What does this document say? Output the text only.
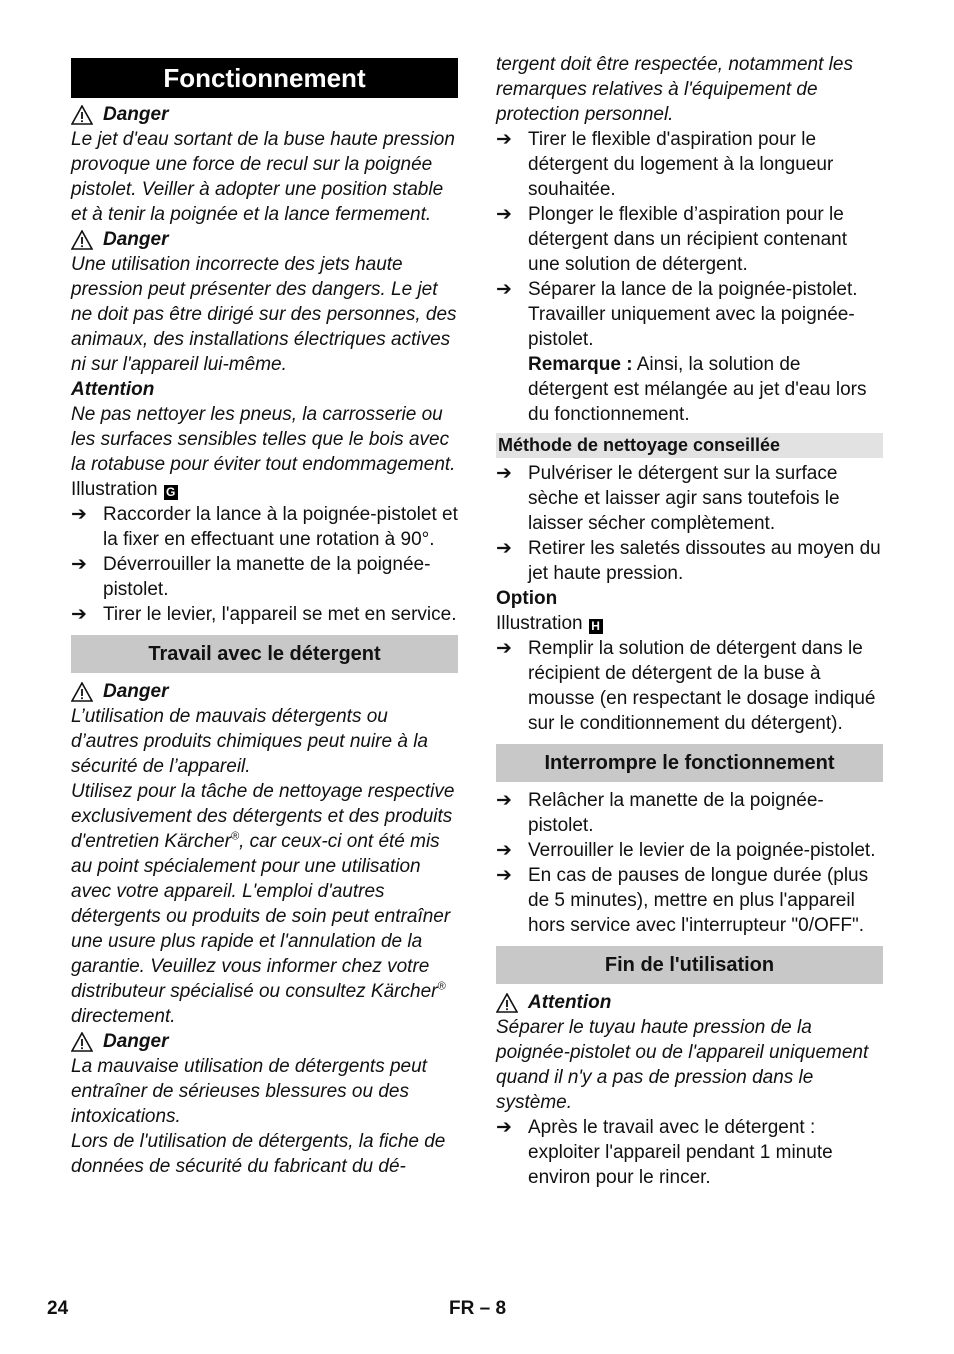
Fonctionnement
Danger
Le jet d'eau sortant de la buse haute pression provoque une force de recul sur la poignée pistolet. Veiller à adopter une position stable et à tenir la poignée et la lance fermement.
Danger
Une utilisation incorrecte des jets haute pression peut présenter des dangers. Le jet ne doit pas être dirigé sur des personnes, des animaux, des installations électriques actives ni sur l'appareil lui-même.
Attention
Ne pas nettoyer les pneus, la carrosserie ou les surfaces sensibles telles que le bois avec la rotabuse pour éviter tout endommagement.
Illustration G
➔ Raccorder la lance à la poignée-pistolet et la fixer en effectuant une rotation à 90°.
➔ Déverrouiller la manette de la poignée-pistolet.
➔ Tirer le levier, l'appareil se met en service.
Travail avec le détergent
Danger
L’utilisation de mauvais détergents ou d’autres produits chimiques peut nuire à la sécurité de l’appareil.
Utilisez pour la tâche de nettoyage respective exclusivement des détergents et des produits d'entretien Kärcher®, car ceux-ci ont été mis au point spécialement pour une utilisation avec votre appareil. L'emploi d'autres détergents ou produits de soin peut entraîner une usure plus rapide et l'annulation de la garantie. Veuillez vous informer chez votre distributeur spécialisé ou consultez Kärcher® directement.
Danger
La mauvaise utilisation de détergents peut entraîner de sérieuses blessures ou des intoxications.
Lors de l'utilisation de détergents, la fiche de données de sécurité du fabricant du dé-
tergent doit être respectée, notamment les remarques relatives à l'équipement de protection personnel.
➔ Tirer le flexible d'aspiration pour le détergent du logement à la longueur souhaitée.
➔ Plonger le flexible d’aspiration pour le détergent dans un récipient contenant une solution de détergent.
➔ Séparer la lance de la poignée-pistolet. Travailler uniquement avec la poignée-pistolet.
Remarque : Ainsi, la solution de détergent est mélangée au jet d'eau lors du fonctionnement.
Méthode de nettoyage conseillée
➔ Pulvériser le détergent sur la surface sèche et laisser agir sans toutefois le laisser sécher complètement.
➔ Retirer les saletés dissoutes au moyen du jet haute pression.
Option
Illustration H
➔ Remplir la solution de détergent dans le récipient de détergent de la buse à mousse (en respectant le dosage indiqué sur le conditionnement du détergent).
Interrompre le fonctionnement
➔ Relâcher la manette de la poignée-pistolet.
➔ Verrouiller le levier de la poignée-pistolet.
➔ En cas de pauses de longue durée (plus de 5 minutes), mettre en plus l'appareil hors service avec l'interrupteur "0/OFF".
Fin de l'utilisation
Attention
Séparer le tuyau haute pression de la poignée-pistolet ou de l'appareil uniquement quand il n'y a pas de pression dans le système.
➔ Après le travail avec le détergent : exploiter l'appareil pendant 1 minute environ pour le rincer.
24	FR – 8
